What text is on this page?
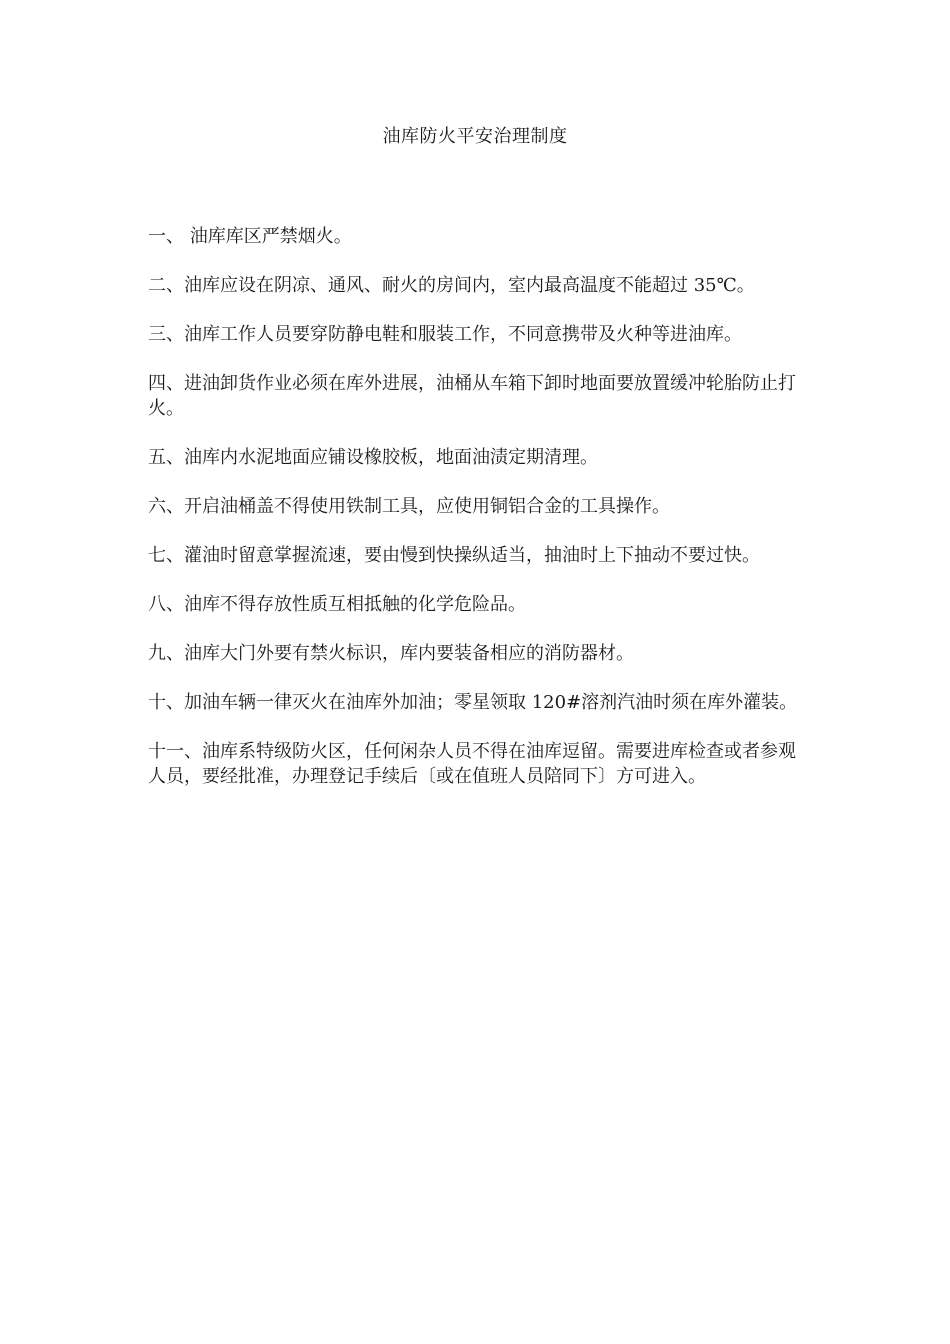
油库防火平安治理制度

一、 油库库区严禁烟火。

二、油库应设在阴凉、通风、耐火的房间内，室内最高温度不能超过 35℃。

三、油库工作人员要穿防静电鞋和服装工作，不同意携带及火种等进油库。

四、进油卸货作业必须在库外进展，油桶从车箱下卸时地面要放置缓冲轮胎防止打火。

五、油库内水泥地面应铺设橡胶板，地面油渍定期清理。

六、开启油桶盖不得使用铁制工具，应使用铜铝合金的工具操作。

七、灌油时留意掌握流速，要由慢到快操纵适当，抽油时上下抽动不要过快。

八、油库不得存放性质互相抵触的化学危险品。

九、油库大门外要有禁火标识，库内要装备相应的消防器材。

十、加油车辆一律灭火在油库外加油；零星领取 120#溶剂汽油时须在库外灌装。

十一、油库系特级防火区，任何闲杂人员不得在油库逗留。需要进库检查或者参观人员，要经批准，办理登记手续后〔或在值班人员陪同下〕方可进入。
